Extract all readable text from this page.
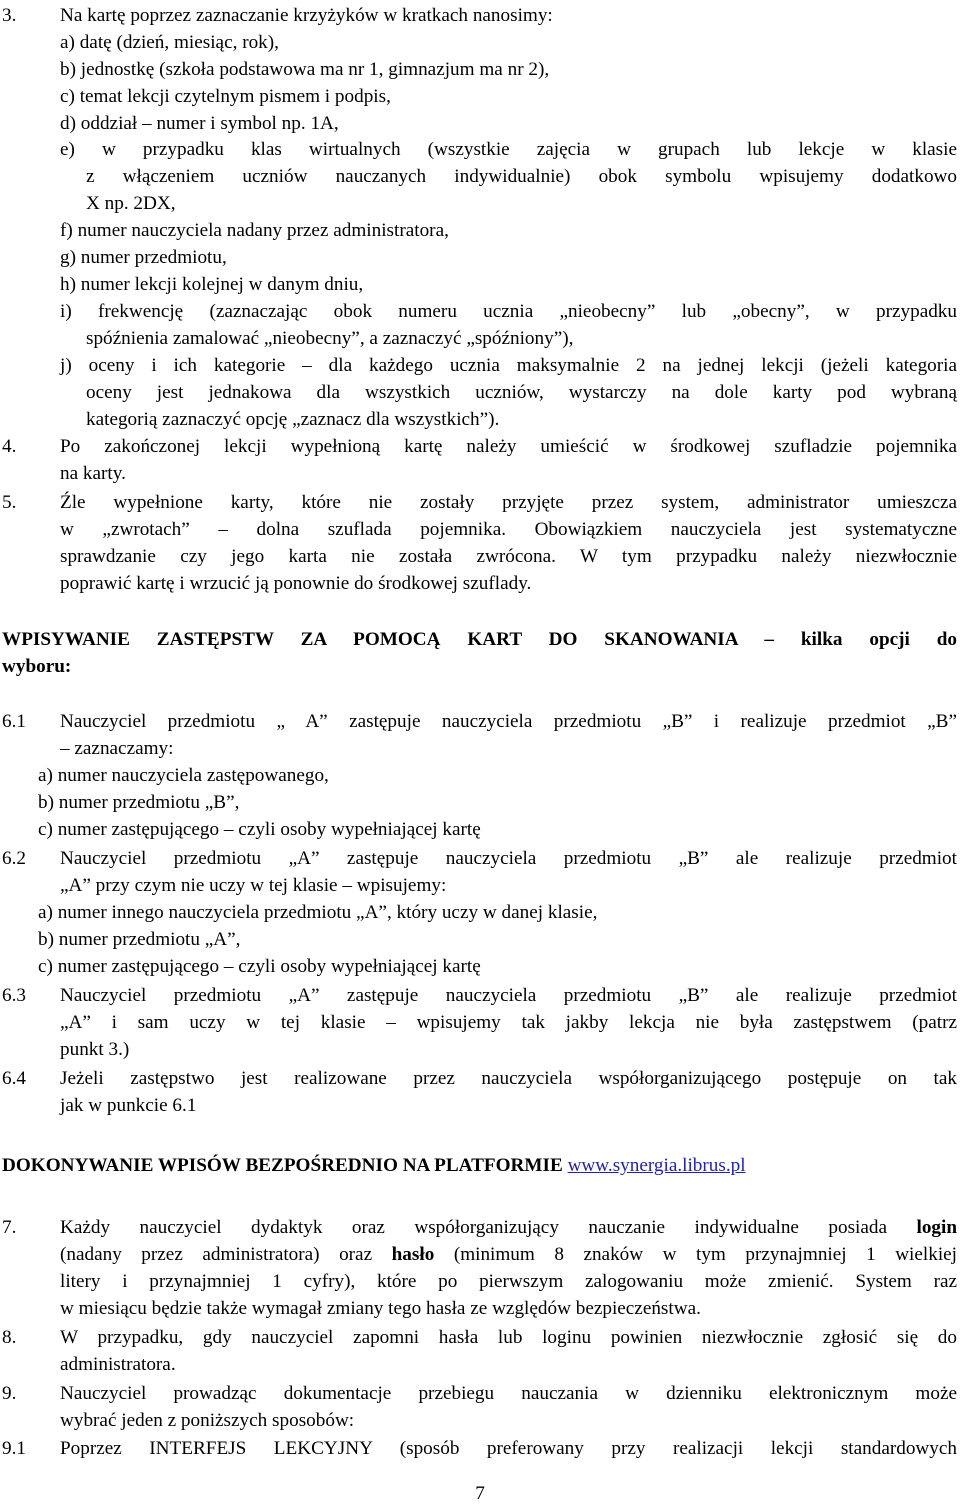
3. Na kartę poprzez zaznaczanie krzyżyków w kratkach nanosimy:
a) datę (dzień, miesiąc, rok),
b) jednostkę (szkoła podstawowa ma nr 1, gimnazjum ma nr 2),
c) temat lekcji czytelnym pismem i podpis,
d) oddział – numer i symbol np. 1A,
e) w przypadku klas wirtualnych (wszystkie zajęcia w grupach lub lekcje w klasie
z włączeniem uczniów nauczanych indywidualnie) obok symbolu wpisujemy dodatkowo
X np. 2DX,
f) numer nauczyciela nadany przez administratora,
g) numer przedmiotu,
h) numer lekcji kolejnej w danym dniu,
i) frekwencję (zaznaczając obok numeru ucznia „nieobecny” lub „obecny”, w przypadku
spóźnienia zamalować „nieobecny”, a zaznaczyć „spóźniony”),
j) oceny i ich kategorie – dla każdego ucznia maksymalnie 2 na jednej lekcji (jeżeli kategoria
oceny jest jednakowa dla wszystkich uczniów, wystarczy na dole karty pod wybraną
kategorią zaznaczyć opcję „zaznacz dla wszystkich”).
4. Po zakończonej lekcji wypełnioną kartę należy umieścić w środkowej szufladzie pojemnika
na karty.
5. Źle wypełnione karty, które nie zostały przyjęte przez system, administrator umieszcza
w „zwrotach” – dolna szuflada pojemnika. Obowiązkiem nauczyciela jest systematyczne
sprawdzanie czy jego karta nie została zwrócona. W tym przypadku należy niezwłocznie
poprawić kartę i wrzucić ją ponownie do środkowej szuflady.
WPISYWANIE ZASTĘPSTW ZA POMOCĄ KART DO SKANOWANIA – kilka opcji do
wyboru:
6.1 Nauczyciel przedmiotu „ A” zastępuje nauczyciela przedmiotu „B” i realizuje przedmiot „B”
– zaznaczamy:
a) numer nauczyciela zastępowanego,
b) numer przedmiotu „B”,
c) numer zastępującego – czyli osoby wypełniającej kartę
6.2 Nauczyciel przedmiotu „A” zastępuje nauczyciela przedmiotu „B” ale realizuje przedmiot
„A” przy czym nie uczy w tej klasie – wpisujemy:
a) numer innego nauczyciela przedmiotu „A”, który uczy w danej klasie,
b) numer przedmiotu „A”,
c) numer zastępującego – czyli osoby wypełniającej kartę
6.3 Nauczyciel przedmiotu „A” zastępuje nauczyciela przedmiotu „B” ale realizuje przedmiot
„A” i sam uczy w tej klasie – wpisujemy tak jakby lekcja nie była zastępstwem (patrz
punkt 3.)
6.4 Jeżeli zastępstwo jest realizowane przez nauczyciela współorganizującego postępuje on tak
jak w punkcie 6.1
DOKONYWANIE WPISÓW BEZPOŚREDNIO NA PLATFORMIE www.synergia.librus.pl
7. Każdy nauczyciel dydaktyk oraz współorganizujący nauczanie indywidualne posiada login
(nadany przez administratora) oraz hasło (minimum 8 znaków w tym przynajmniej 1 wielkiej
litery i przynajmniej 1 cyfry), które po pierwszym zalogowaniu może zmienić. System raz
w miesiącu będzie także wymagał zmiany tego hasła ze względów bezpieczeństwa.
8. W przypadku, gdy nauczyciel zapomni hasła lub loginu powinien niezwłocznie zgłosić się do
administratora.
9. Nauczyciel prowadząc dokumentacje przebiegu nauczania w dzienniku elektronicznym może
wybrać jeden z poniższych sposobów:
9.1 Poprzez INTERFEJS LEKCYJNY (sposób preferowany przy realizacji lekcji standardowych
7
